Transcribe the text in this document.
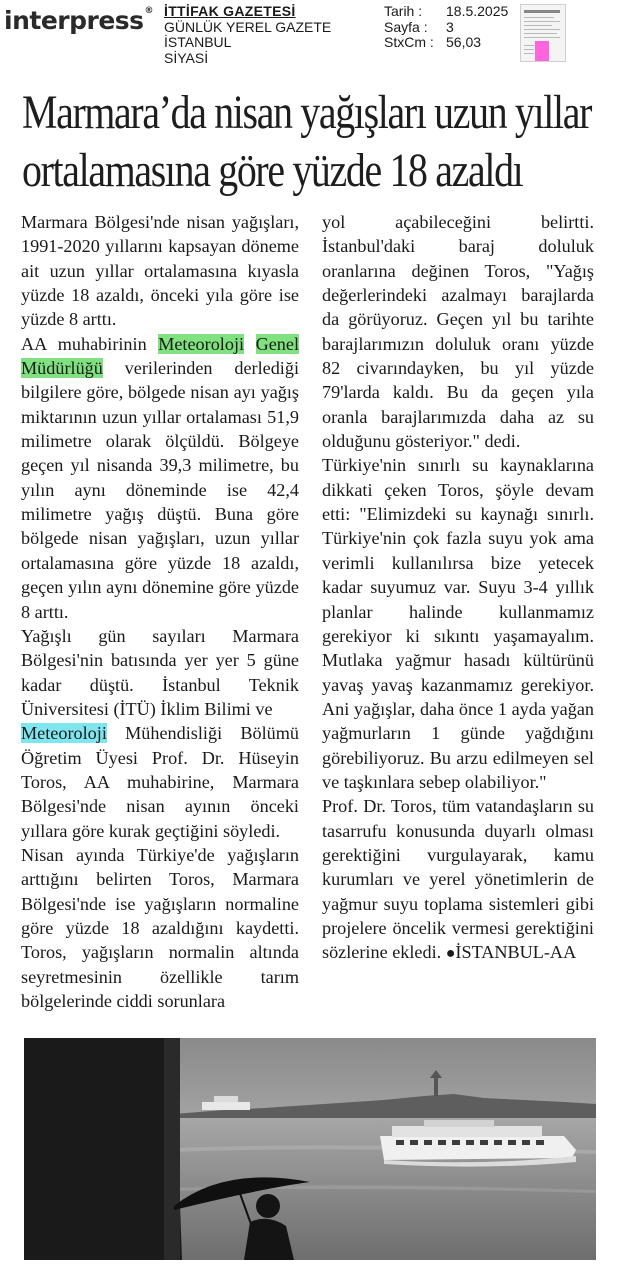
interpress® İTTİFAK GAZETESİ
GÜNLÜK YEREL GAZETE
İSTANBUL
SİYASİ
Tarih :	18.5.2025
Sayfa :	3
StxCm : 56,03
Marmara’da nisan yağışları uzun yıllar
ortalamasına göre yüzde 18 azaldı

Marmara Bölgesi'nde nisan yağışları, 1991-2020 yıllarını kapsayan döneme ait uzun yıllar ortalamasına kıyasla yüzde 18 azaldı, önceki yıla göre ise yüzde 8 arttı.

AA muhabirinin Meteoroloji Genel Müdürlüğü verilerinden derlediği bilgilere göre, bölgede nisan ayı yağış miktarının uzun yıllar ortalaması 51,9 milimetre olarak ölçüldü. Bölgeye geçen yıl nisanda 39,3 milimetre, bu yılın aynı döneminde ise 42,4 milimetre yağış düştü. Buna göre bölgede nisan yağışları, uzun yıllar ortalamasına göre yüzde 18 azaldı, geçen yılın aynı dönemine göre yüzde 8 arttı.

Yağışlı gün sayıları Marmara Bölgesi'nin batısında yer yer 5 güne kadar düştü. İstanbul Teknik Üniversitesi (İTÜ) İklim Bilimi ve
Meteoroloji Mühendisliği Bölümü Öğretim Üyesi Prof. Dr. Hüseyin Toros, AA muhabirine, Marmara Bölgesi'nde nisan ayının önceki yıllara göre kurak geçtiğini söyledi.

Nisan ayında Türkiye'de yağışların arttığını belirten Toros, Marmara Bölgesi'nde ise yağışların normaline göre yüzde 18 azaldığını kaydetti. Toros, yağışların normalin altında seyretmesinin özellikle tarım bölgelerinde ciddi sorunlara

yol açabileceğini belirtti. İstanbul'daki baraj doluluk oranlarına değinen Toros, "Yağış değerlerindeki azalmayı barajlarda da görüyoruz. Geçen yıl bu tarihte barajlarımızın doluluk oranı yüzde 82 civarındayken, bu yıl yüzde 79'larda kaldı. Bu da geçen yıla oranla barajlarımızda daha az su olduğunu gösteriyor." dedi.

Türkiye'nin sınırlı su kaynaklarına dikkati çeken Toros, şöyle devam etti: "Elimizdeki su kaynağı sınırlı. Türkiye'nin çok fazla suyu yok ama verimli kullanılırsa bize yetecek kadar suyumuz var. Suyu 3-4 yıllık planlar halinde kullanmamız gerekiyor ki sıkıntı yaşamayalım. Mutlaka yağmur hasadı kültürünü yavaş yavaş kazanmamız gerekiyor. Ani yağışlar, daha önce 1 ayda yağan yağmurların 1 günde yağdığını görebiliyoruz. Bu arzu edilmeyen sel ve taşkınlara sebep olabiliyor."

Prof. Dr. Toros, tüm vatandaşların su tasarrufu konusunda duyarlı olması gerektiğini vurgulayarak, kamu kurumları ve yerel yönetimlerin de yağmur suyu toplama sistemleri gibi projelere öncelik vermesi gerektiğini sözlerine ekledi. ●İSTANBUL-AA
